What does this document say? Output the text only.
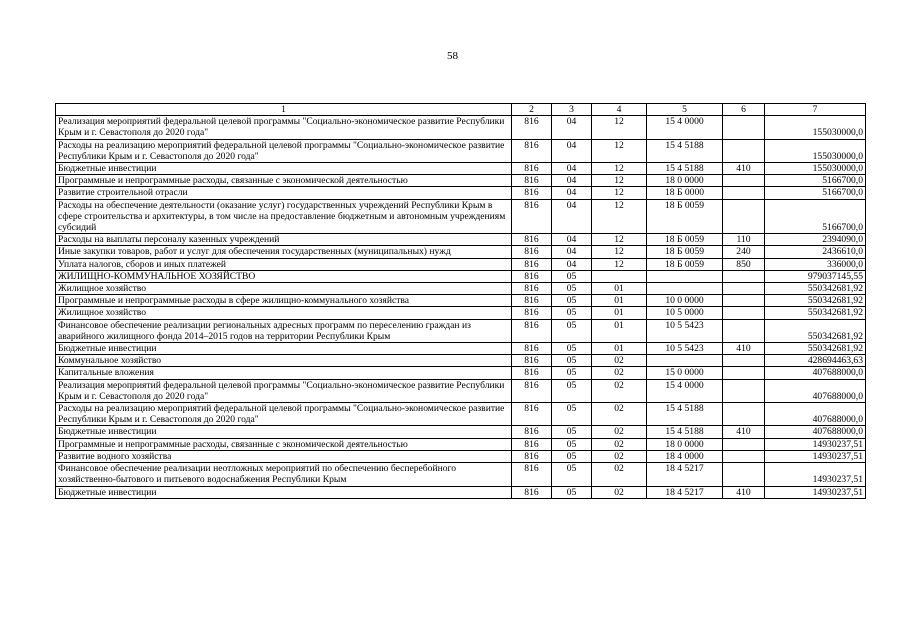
58
1	2	3	4	5	6	7
Реализация мероприятий федеральной целевой программы "Социально-экономическое развитие Республики Крым и г. Севастополя до 2020 года"	816	04	12	15 4 0000		155030000,0
Расходы на реализацию мероприятий федеральной целевой программы "Социально-экономическое развитие Республики Крым и г. Севастополя до 2020 года"	816	04	12	15 4 5188		155030000,0
Бюджетные инвестиции	816	04	12	15 4 5188	410	155030000,0
Программные и непрограммные расходы, связанные с экономической деятельностью	816	04	12	18 0 0000		5166700,0
Развитие строительной отрасли	816	04	12	18 Б 0000		5166700,0
Расходы на обеспечение деятельности (оказание услуг) государственных учреждений Республики Крым в сфере строительства и архитектуры, в том числе на предоставление бюджетным и автономным учреждениям субсидий	816	04	12	18 Б 0059		5166700,0
Расходы на выплаты персоналу казенных учреждений	816	04	12	18 Б 0059	110	2394090,0
Иные закупки товаров, работ и услуг для обеспечения государственных (муниципальных) нужд	816	04	12	18 Б 0059	240	2436610,0
Уплата налогов, сборов и иных платежей	816	04	12	18 Б 0059	850	336000,0
ЖИЛИЩНО-КОММУНАЛЬНОЕ ХОЗЯЙСТВО	816	05				979037145,55
Жилищное хозяйство	816	05	01			550342681,92
Программные и непрограммные расходы в сфере жилищно-коммунального хозяйства	816	05	01	10 0 0000		550342681,92
Жилищное хозяйство	816	05	01	10 5 0000		550342681,92
Финансовое обеспечение реализации региональных адресных программ по переселению граждан из аварийного жилищного фонда 2014–2015 годов на территории Республики Крым	816	05	01	10 5 5423		550342681,92
Бюджетные инвестиции	816	05	01	10 5 5423	410	550342681,92
Коммунальное хозяйство	816	05	02			428694463,63
Капитальные вложения	816	05	02	15 0 0000		407688000,0
Реализация мероприятий федеральной целевой программы "Социально-экономическое развитие Республики Крым и г. Севастополя до 2020 года"	816	05	02	15 4 0000		407688000,0
Расходы на реализацию мероприятий федеральной целевой программы "Социально-экономическое развитие Республики Крым и г. Севастополя до 2020 года"	816	05	02	15 4 5188		407688000,0
Бюджетные инвестиции	816	05	02	15 4 5188	410	407688000,0
Программные и непрограммные расходы, связанные с экономической деятельностью	816	05	02	18 0 0000		14930237,51
Развитие водного хозяйства	816	05	02	18 4 0000		14930237,51
Финансовое обеспечение реализации неотложных мероприятий по обеспечению бесперебойного хозяйственно-бытового и питьевого водоснабжения Республики Крым	816	05	02	18 4 5217		14930237,51
Бюджетные инвестиции	816	05	02	18 4 5217	410	14930237,51
